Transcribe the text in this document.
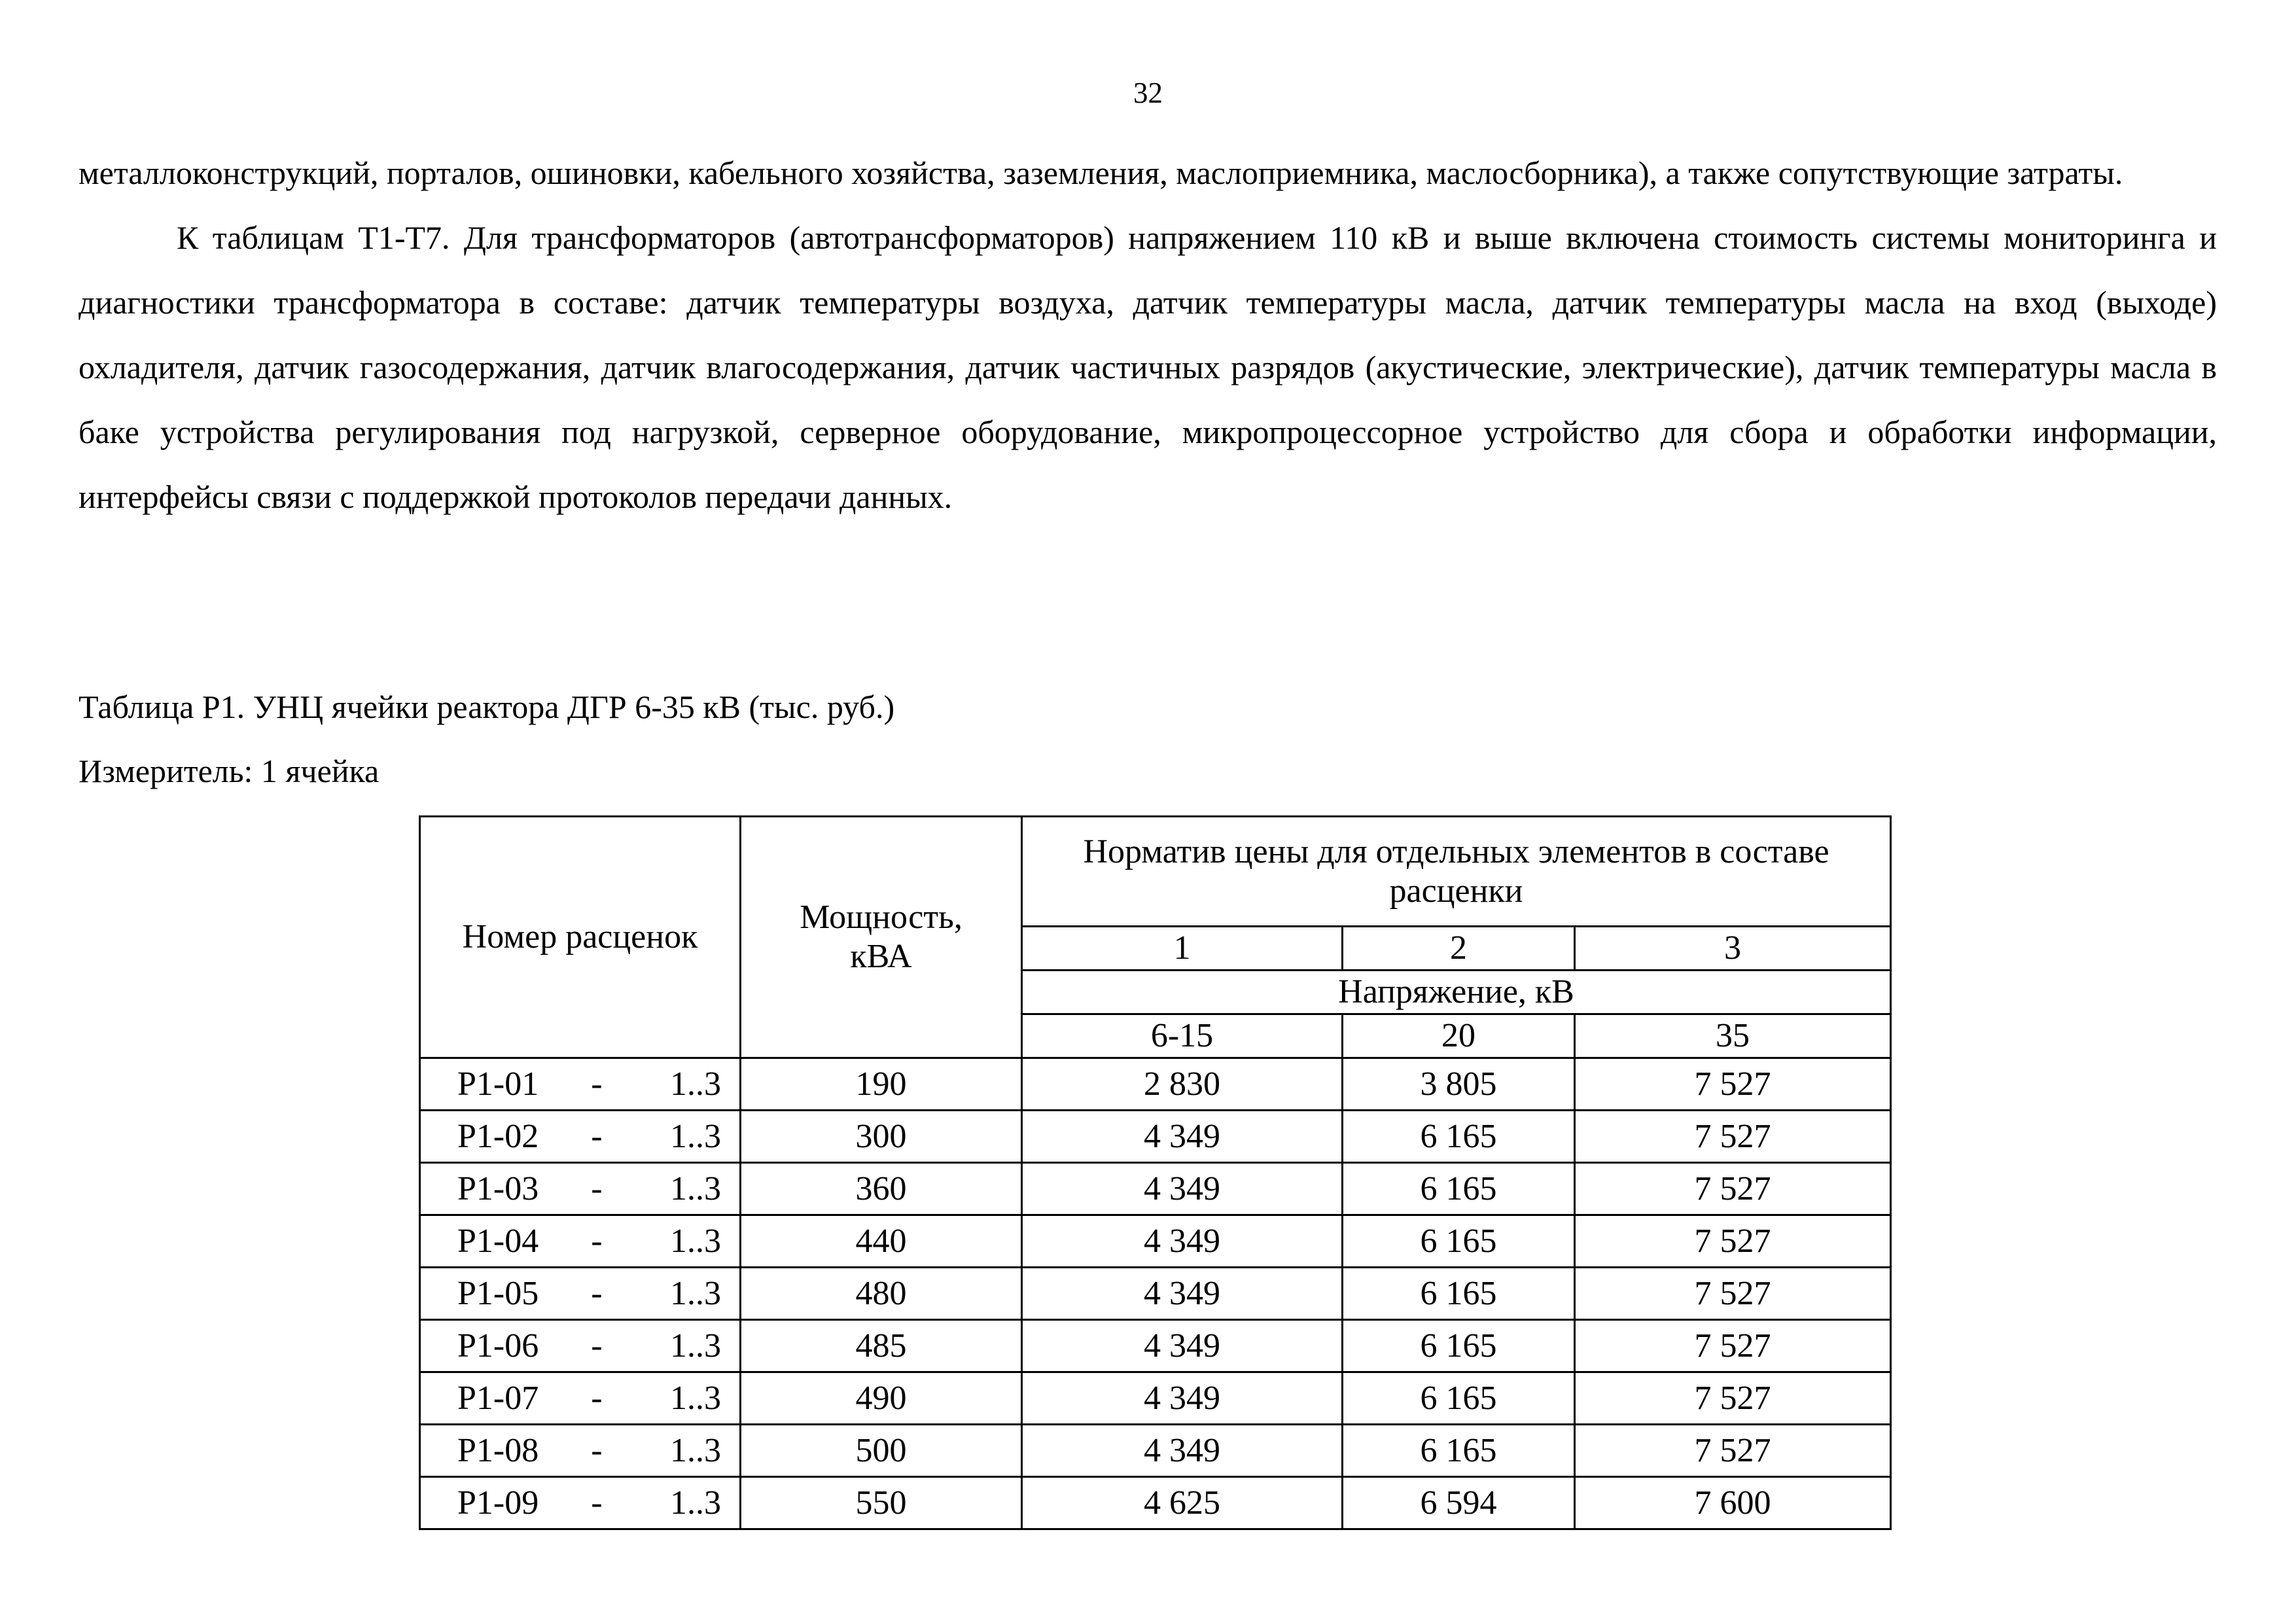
32

металлоконструкций, порталов, ошиновки, кабельного хозяйства, заземления, маслоприемника, маслосборника), а также сопутствующие затраты.

К таблицам Т1-Т7. Для трансформаторов (автотрансформаторов) напряжением 110 кВ и выше включена стоимость системы мониторинга и диагностики трансформатора в составе: датчик температуры воздуха, датчик температуры масла, датчик температуры масла на вход (выходе) охладителя, датчик газосодержания, датчик влагосодержания, датчик частичных разрядов (акустические, электрические), датчик температуры масла в баке устройства регулирования под нагрузкой, серверное оборудование, микропроцессорное устройство для сбора и обработки информации, интерфейсы связи с поддержкой протоколов передачи данных.

Таблица Р1. УНЦ ячейки реактора ДГР 6-35 кВ (тыс. руб.)
Измеритель: 1 ячейка
Номер расценок	Мощность, кВА	Норматив цены для отдельных элементов в составе расценки		
		1	2	3
		Напряжение, кВ		
		6-15	20	35

Р1-01 - 1..3	190	2 830	3 805	7 527

Р1-02 - 1..3	300	4 349	6 165	7 527

Р1-03 - 1..3	360	4 349	6 165	7 527

Р1-04 - 1..3	440	4 349	6 165	7 527

Р1-05 - 1..3	480	4 349	6 165	7 527

Р1-06 - 1..3	485	4 349	6 165	7 527

Р1-07 - 1..3	490	4 349	6 165	7 527

Р1-08 - 1..3	500	4 349	6 165	7 527

Р1-09 - 1..3	550	4 625	6 594	7 600
